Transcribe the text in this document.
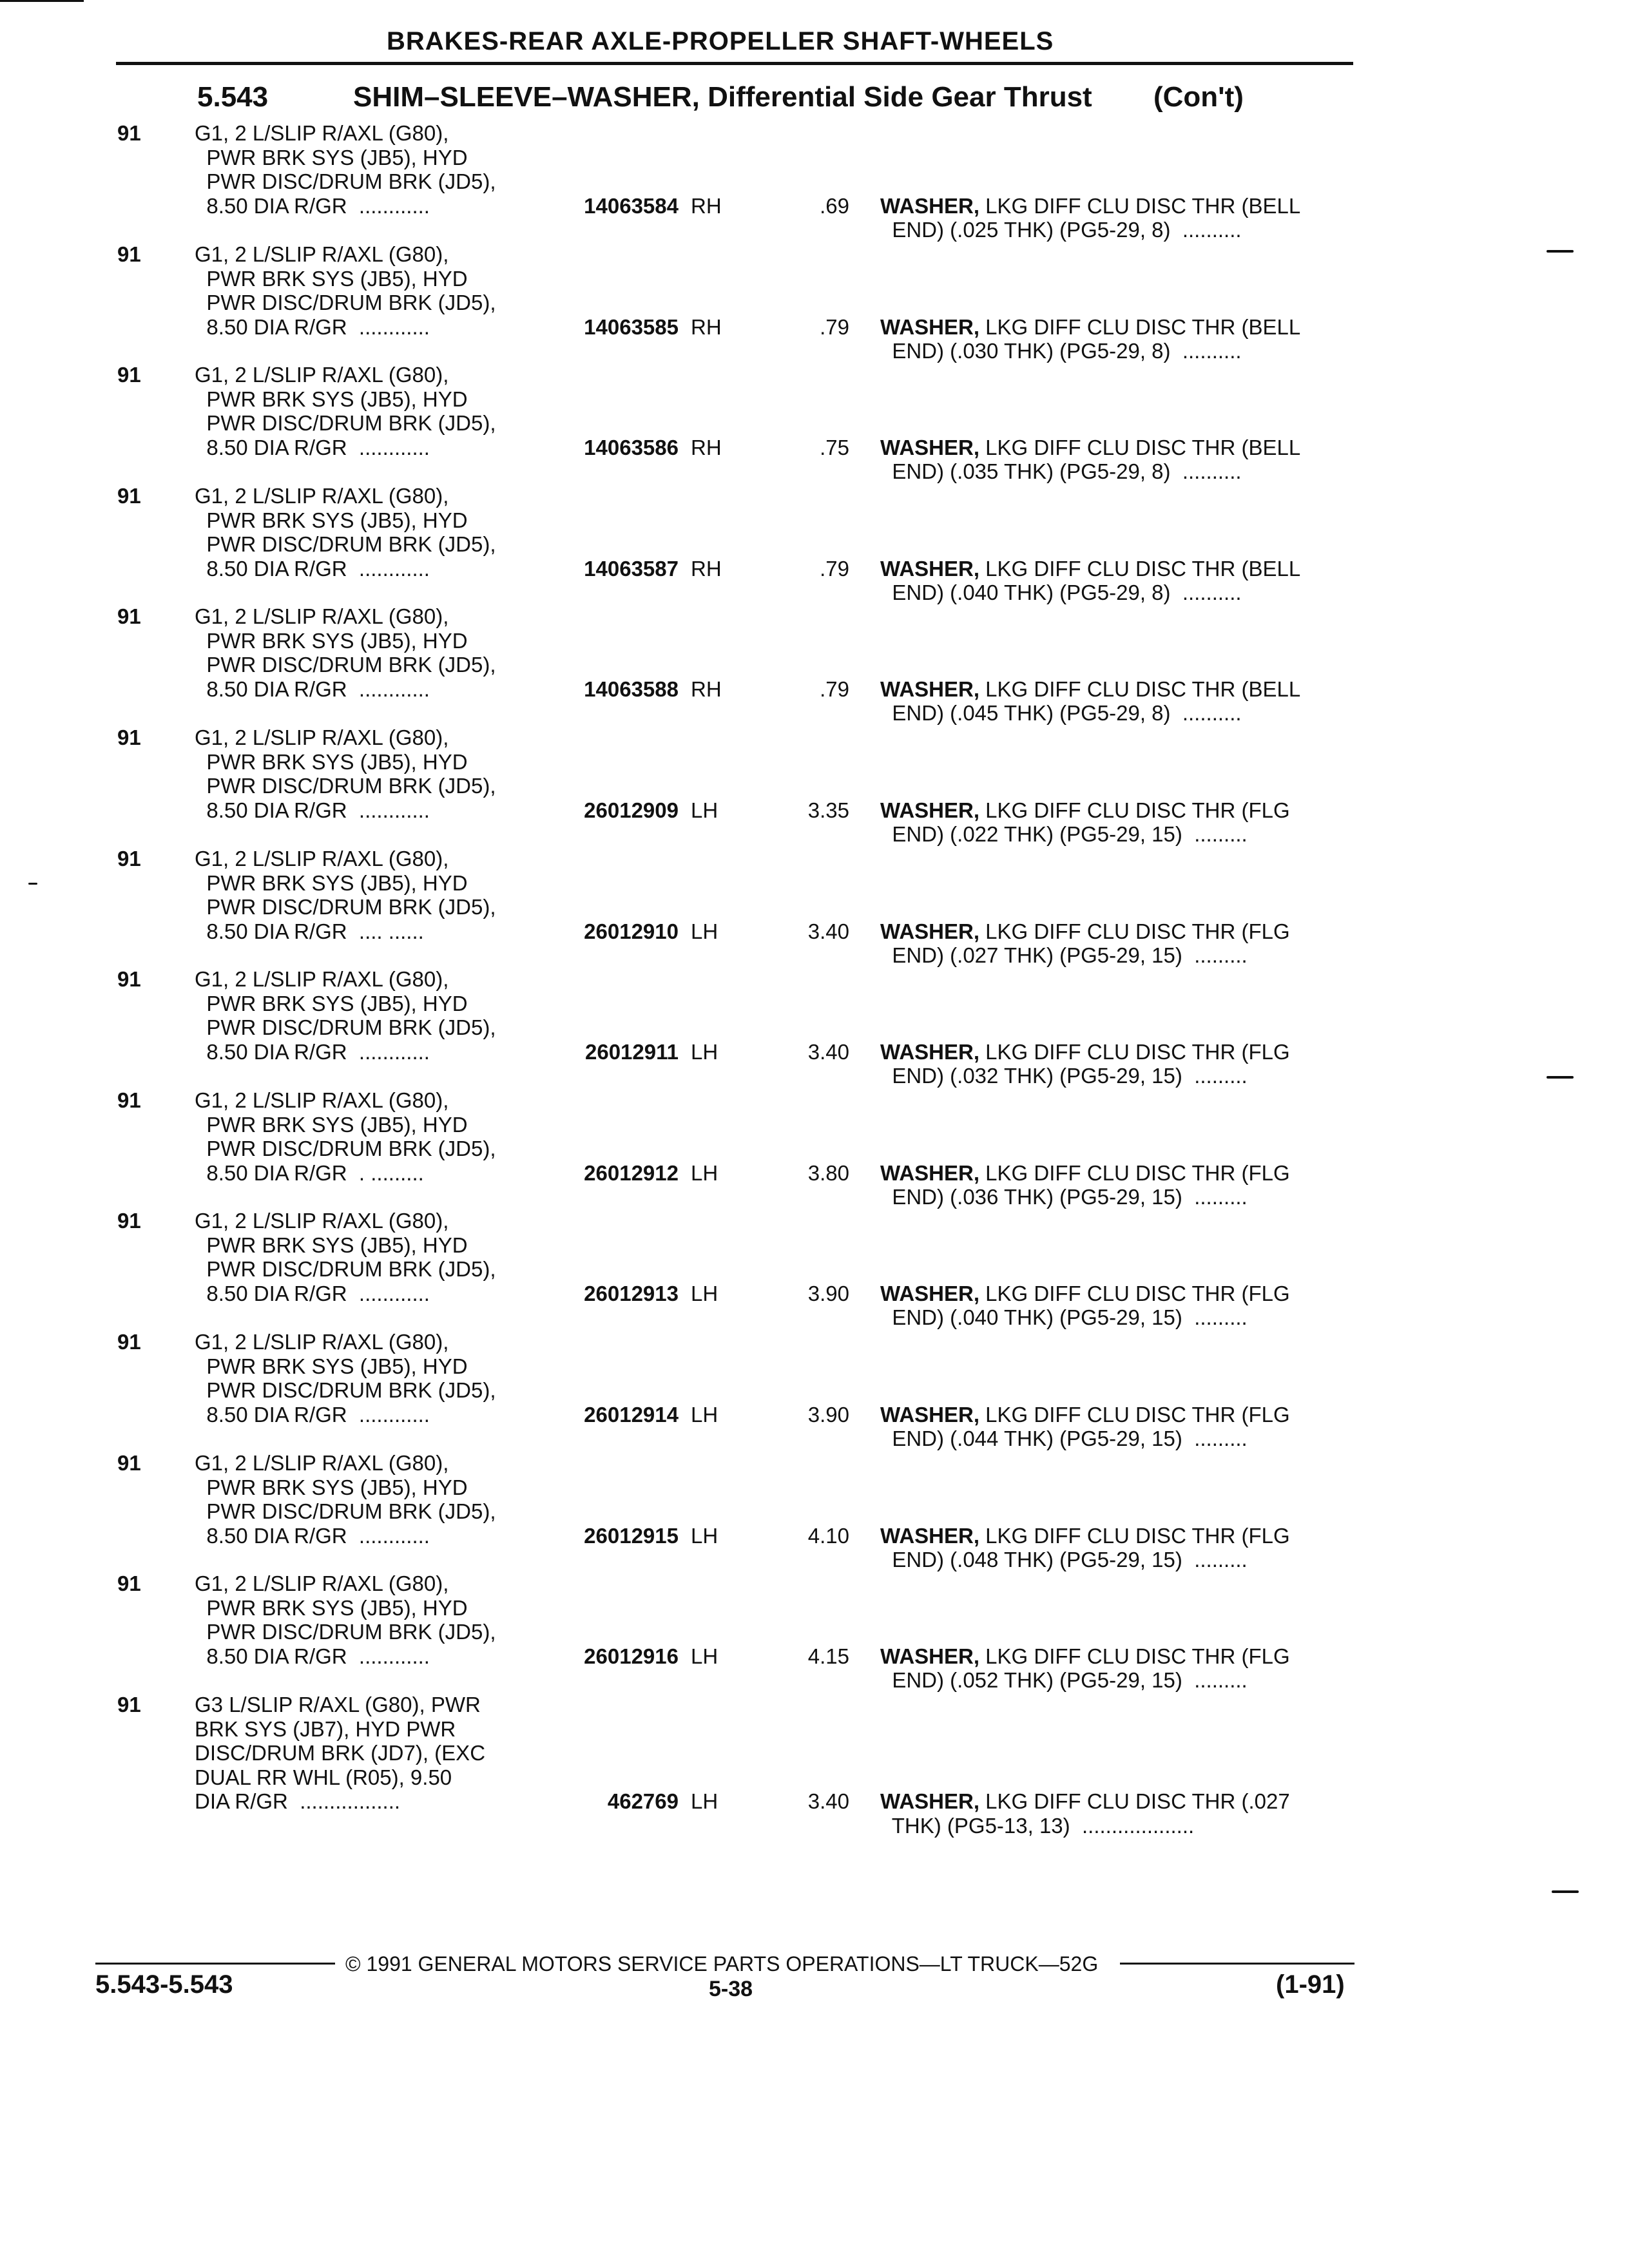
BRAKES-REAR AXLE-PROPELLER SHAFT-WHEELS
5.543	SHIM–SLEEVE–WASHER, Differential Side Gear Thrust (Con't)
91	G1, 2 L/SLIP R/AXL (G80),
PWR BRK SYS (JB5), HYD
PWR DISC/DRUM BRK (JD5),
8.50 DIA R/GR  ............	14063584 RH	.69 WASHER, LKG DIFF CLU DISC THR (BELL
END) (.025 THK) (PG5-29, 8)  ..........
91	G1, 2 L/SLIP R/AXL (G80),
PWR BRK SYS (JB5), HYD
PWR DISC/DRUM BRK (JD5),
8.50 DIA R/GR  ............	14063585 RH	.79 WASHER, LKG DIFF CLU DISC THR (BELL
END) (.030 THK) (PG5-29, 8)  ..........
91	G1, 2 L/SLIP R/AXL (G80),
PWR BRK SYS (JB5), HYD
PWR DISC/DRUM BRK (JD5),
8.50 DIA R/GR  ............	14063586 RH	.75 WASHER, LKG DIFF CLU DISC THR (BELL
END) (.035 THK) (PG5-29, 8)  ..........
91	G1, 2 L/SLIP R/AXL (G80),
PWR BRK SYS (JB5), HYD
PWR DISC/DRUM BRK (JD5),
8.50 DIA R/GR  ............	14063587 RH	.79 WASHER, LKG DIFF CLU DISC THR (BELL
END) (.040 THK) (PG5-29, 8)  ..........
91	G1, 2 L/SLIP R/AXL (G80),
PWR BRK SYS (JB5), HYD
PWR DISC/DRUM BRK (JD5),
8.50 DIA R/GR  ............	14063588 RH	.79 WASHER, LKG DIFF CLU DISC THR (BELL
END) (.045 THK) (PG5-29, 8)  ..........
91	G1, 2 L/SLIP R/AXL (G80),
PWR BRK SYS (JB5), HYD
PWR DISC/DRUM BRK (JD5),
8.50 DIA R/GR  ............	26012909 LH	3.35 WASHER, LKG DIFF CLU DISC THR (FLG
END) (.022 THK) (PG5-29, 15)  .........
91	G1, 2 L/SLIP R/AXL (G80),
PWR BRK SYS (JB5), HYD
PWR DISC/DRUM BRK (JD5),
8.50 DIA R/GR  .... ......	26012910 LH	3.40 WASHER, LKG DIFF CLU DISC THR (FLG
END) (.027 THK) (PG5-29, 15)  .........
91	G1, 2 L/SLIP R/AXL (G80),
PWR BRK SYS (JB5), HYD
PWR DISC/DRUM BRK (JD5),
8.50 DIA R/GR  ............	26012911 LH	3.40 WASHER, LKG DIFF CLU DISC THR (FLG
END) (.032 THK) (PG5-29, 15)  .........
91	G1, 2 L/SLIP R/AXL (G80),
PWR BRK SYS (JB5), HYD
PWR DISC/DRUM BRK (JD5),
8.50 DIA R/GR  . .........	26012912 LH	3.80 WASHER, LKG DIFF CLU DISC THR (FLG
END) (.036 THK) (PG5-29, 15)  .........
91	G1, 2 L/SLIP R/AXL (G80),
PWR BRK SYS (JB5), HYD
PWR DISC/DRUM BRK (JD5),
8.50 DIA R/GR  ............	26012913 LH	3.90 WASHER, LKG DIFF CLU DISC THR (FLG
END) (.040 THK) (PG5-29, 15)  .........
91	G1, 2 L/SLIP R/AXL (G80),
PWR BRK SYS (JB5), HYD
PWR DISC/DRUM BRK (JD5),
8.50 DIA R/GR  ............	26012914 LH	3.90 WASHER, LKG DIFF CLU DISC THR (FLG
END) (.044 THK) (PG5-29, 15)  .........
91	G1, 2 L/SLIP R/AXL (G80),
PWR BRK SYS (JB5), HYD
PWR DISC/DRUM BRK (JD5),
8.50 DIA R/GR  ............	26012915 LH	4.10 WASHER, LKG DIFF CLU DISC THR (FLG
END) (.048 THK) (PG5-29, 15)  .........
91	G1, 2 L/SLIP R/AXL (G80),
PWR BRK SYS (JB5), HYD
PWR DISC/DRUM BRK (JD5),
8.50 DIA R/GR  ............	26012916 LH	4.15 WASHER, LKG DIFF CLU DISC THR (FLG
END) (.052 THK) (PG5-29, 15)  .........
91	G3 L/SLIP R/AXL (G80), PWR
BRK SYS (JB7), HYD PWR
DISC/DRUM BRK (JD7), (EXC
DUAL RR WHL (R05), 9.50
DIA R/GR  .................	462769 LH	3.40 WASHER, LKG DIFF CLU DISC THR (.027
THK) (PG5-13, 13)  ...................
© 1991 GENERAL MOTORS SERVICE PARTS OPERATIONS—LT TRUCK—52G
5.543-5.543	5-38	(1-91)
